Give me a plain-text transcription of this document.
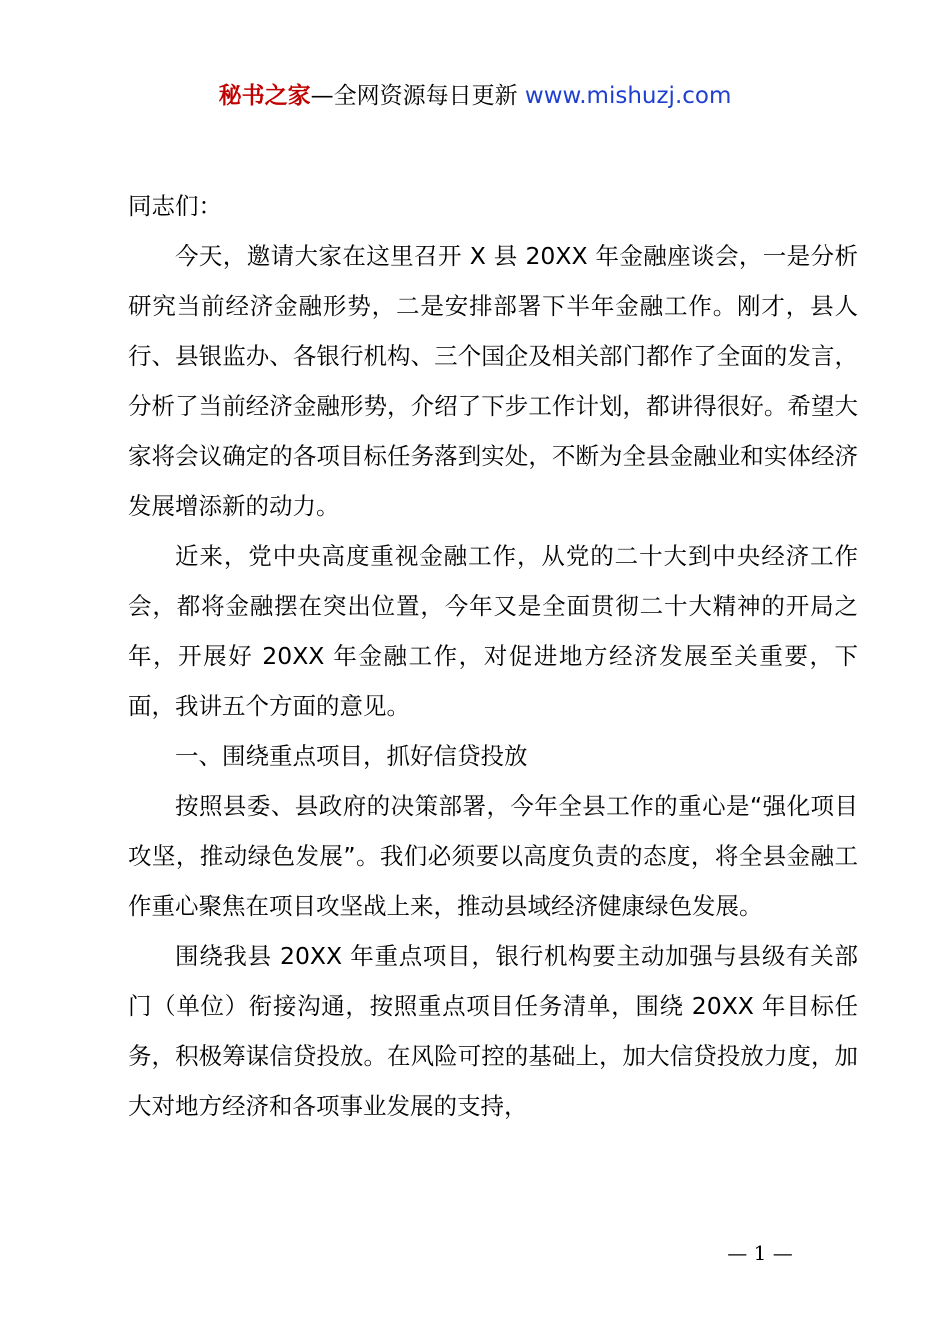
秘书之家—全网资源每日更新 www.mishuzj.com

同志们：

今天，邀请大家在这里召开 X 县 20XX 年金融座谈会，一是分析研究当前经济金融形势，二是安排部署下半年金融工作。刚才，县人行、县银监办、各银行机构、三个国企及相关部门都作了全面的发言，分析了当前经济金融形势，介绍了下步工作计划，都讲得很好。希望大家将会议确定的各项目标任务落到实处，不断为全县金融业和实体经济发展增添新的动力。

近来，党中央高度重视金融工作，从党的二十大到中央经济工作会，都将金融摆在突出位置，今年又是全面贯彻二十大精神的开局之年，开展好 20XX 年金融工作，对促进地方经济发展至关重要，下面，我讲五个方面的意见。

一、围绕重点项目，抓好信贷投放

按照县委、县政府的决策部署，今年全县工作的重心是“强化项目攻坚，推动绿色发展”。我们必须要以高度负责的态度，将全县金融工作重心聚焦在项目攻坚战上来，推动县域经济健康绿色发展。

围绕我县 20XX 年重点项目，银行机构要主动加强与县级有关部门（单位）衔接沟通，按照重点项目任务清单，围绕 20XX 年目标任务，积极筹谋信贷投放。在风险可控的基础上，加大信贷投放力度，加大对地方经济和各项事业发展的支持，

— 1 —
